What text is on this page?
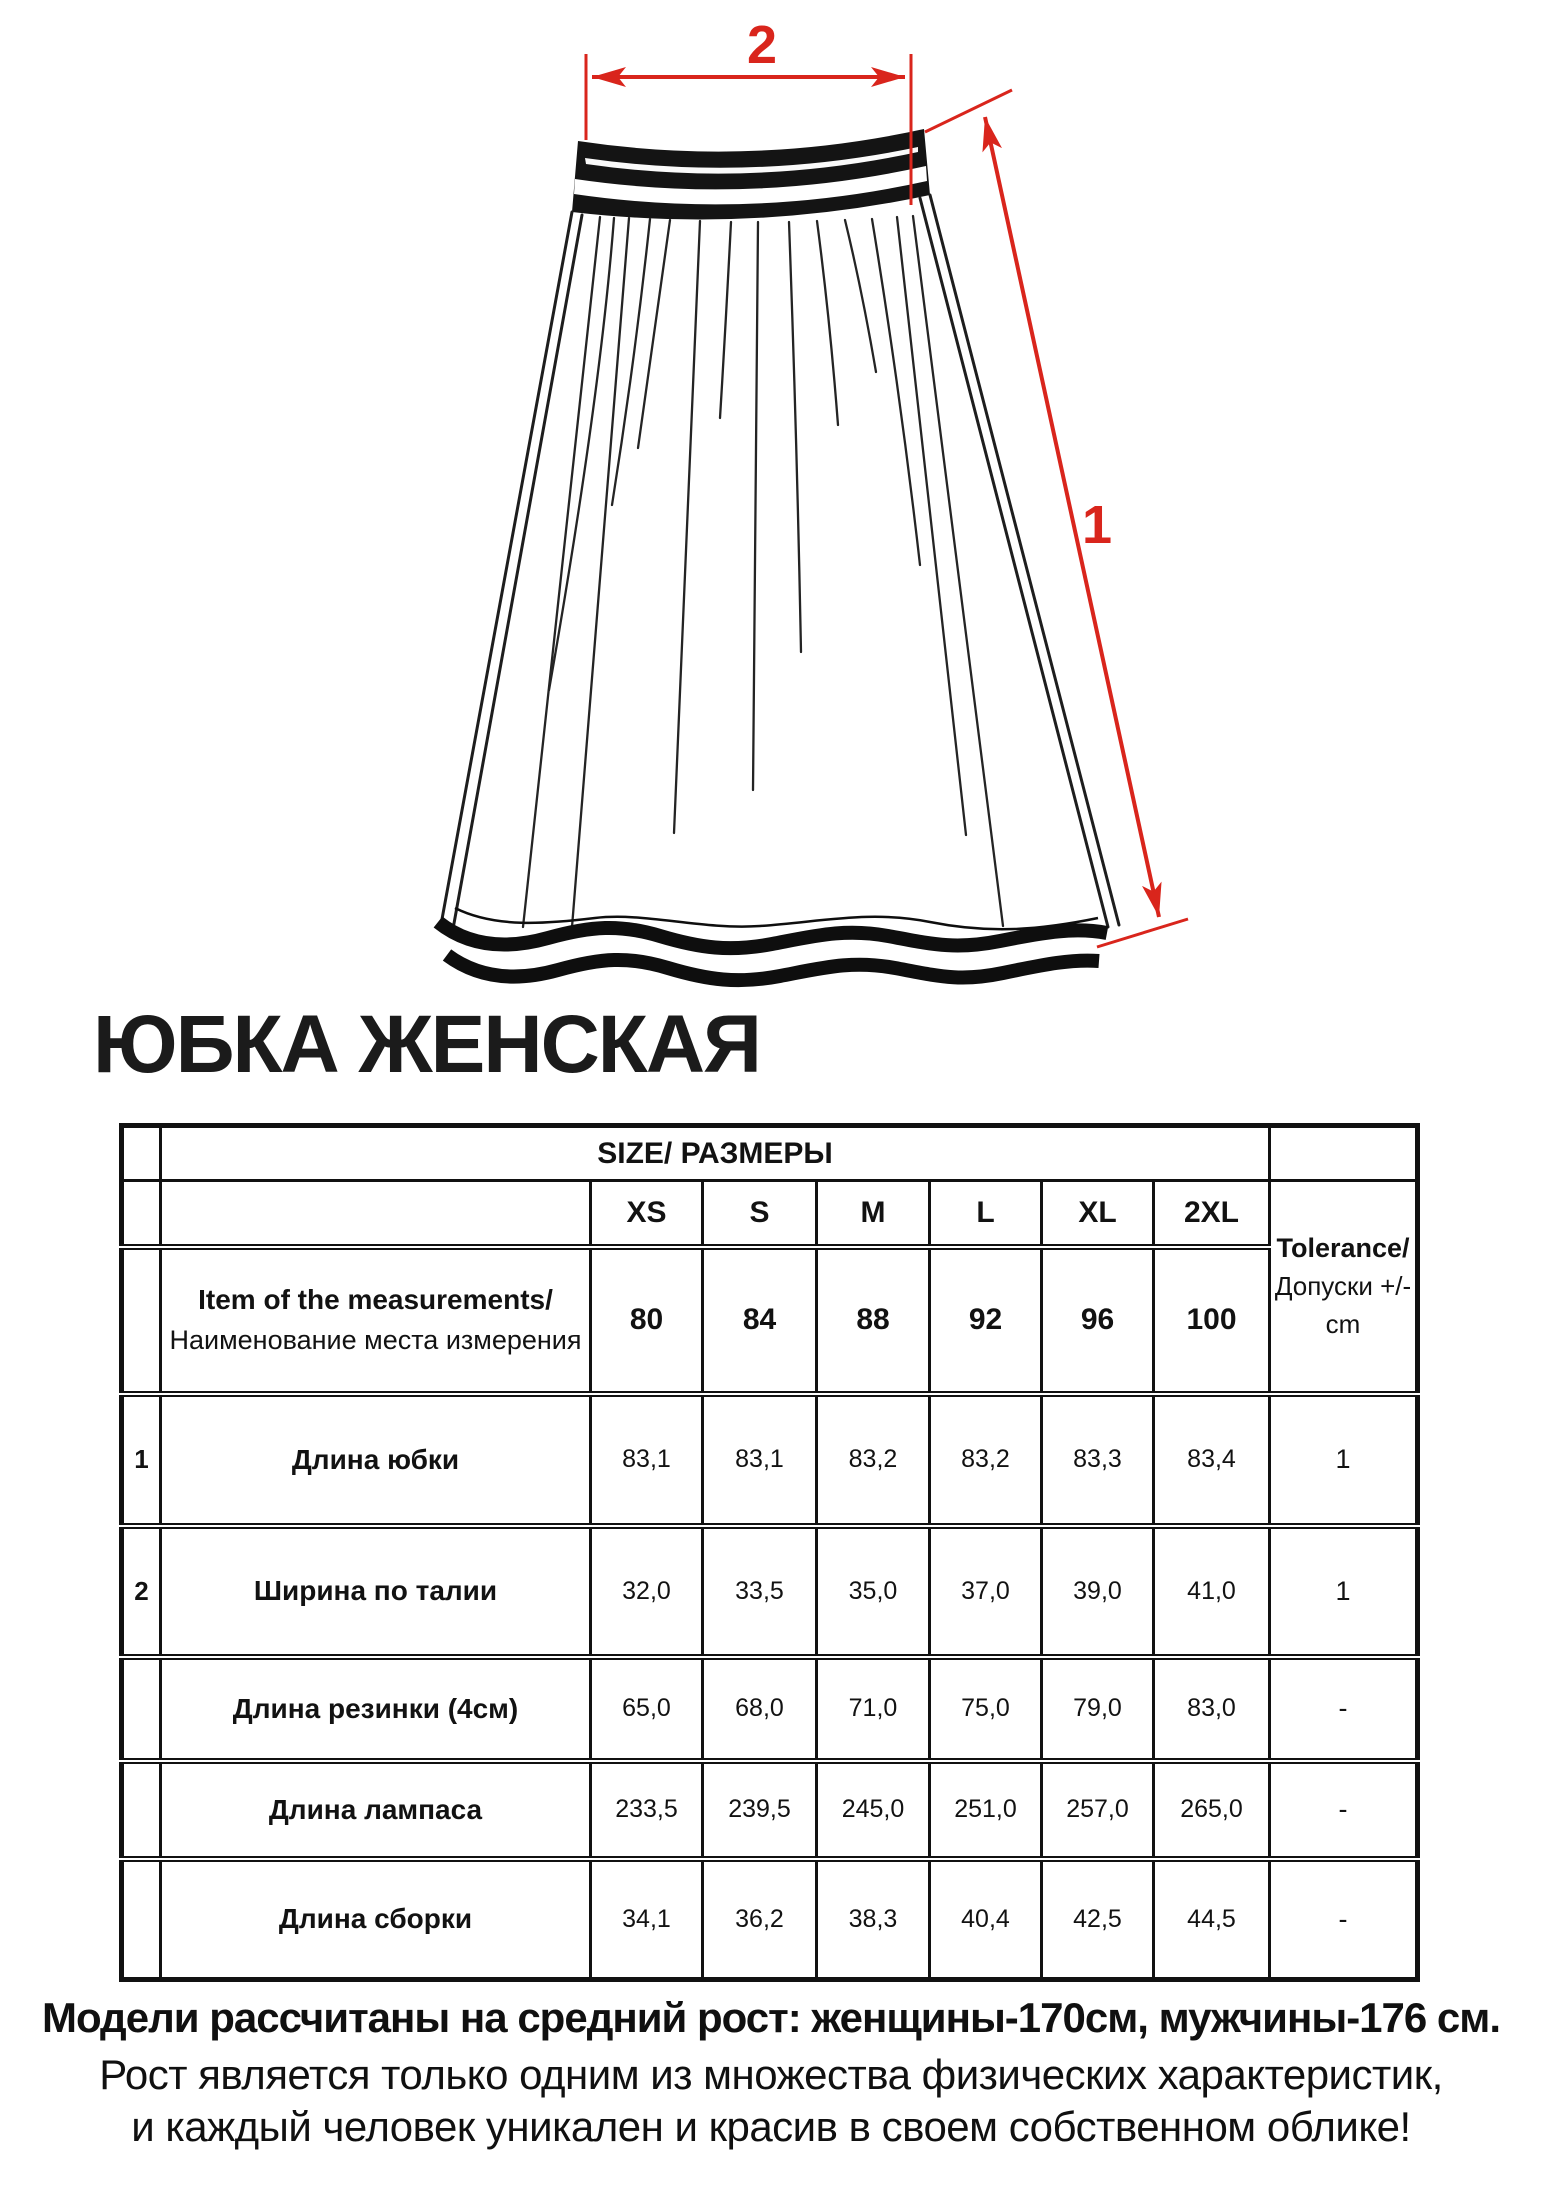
2
1
ЮБКА ЖЕНСКАЯ
	SIZE/ РАЗМЕРЫ							
		XS	S	M	L	XL	2XL	Tolerance/
Допуски +/-
cm

	Item of the measurements/
Наименование места измерения	80	84	88	92	96	100	
1	Длина юбки	83,1	83,1	83,2	83,2	83,3	83,4	1
2	Ширина по талии	32,0	33,5	35,0	37,0	39,0	41,0	1
	Длина резинки (4см)	65,0	68,0	71,0	75,0	79,0	83,0	-
	Длина лампаса	233,5	239,5	245,0	251,0	257,0	265,0	-
	Длина сборки	34,1	36,2	38,3	40,4	42,5	44,5	-
Модели рассчитаны на средний рост: женщины-170см, мужчины-176 см.
Рост является только одним из множества физических характеристик,
и каждый человек уникален и красив в своем собственном облике!
